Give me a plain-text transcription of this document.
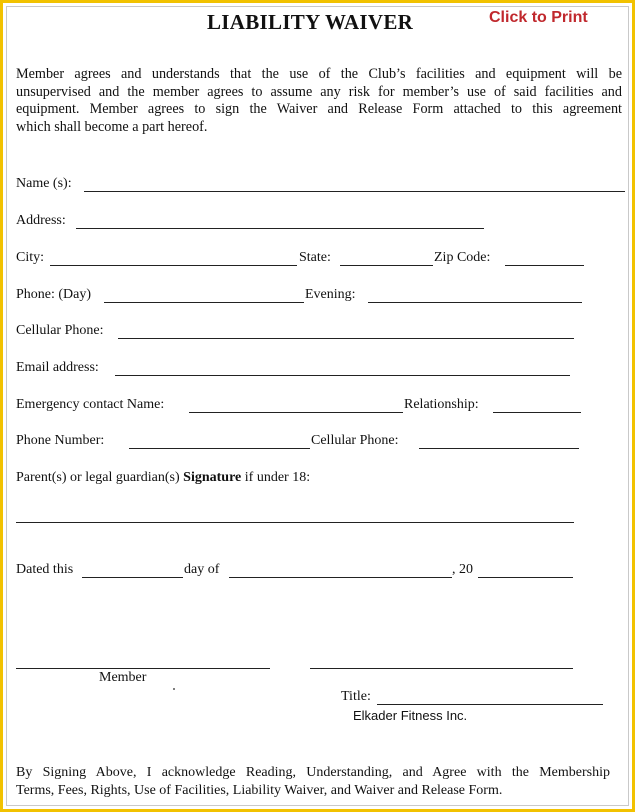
LIABILITY WAIVER	Click to Print
Member agrees and understands that the use of the Club’s facilities and equipment will be
unsupervised and the member agrees to assume any risk for member’s use of said facilities and
equipment. Member agrees to sign the Waiver and Release Form attached to this agreement
which shall become a part hereof.
Name (s):
Address:
City:	State:	Zip Code:
Phone: (Day)	Evening:
Cellular Phone:
Email address:
Emergency contact Name:	Relationship:
Phone Number:	Cellular Phone:
Parent(s) or legal guardian(s) Signature if under 18:
Dated this	day of	, 20
Member
Title:
Elkader Fitness Inc.
By Signing Above, I acknowledge Reading, Understanding, and Agree with the Membership
Terms, Fees, Rights, Use of Facilities, Liability Waiver, and Waiver and Release Form.
